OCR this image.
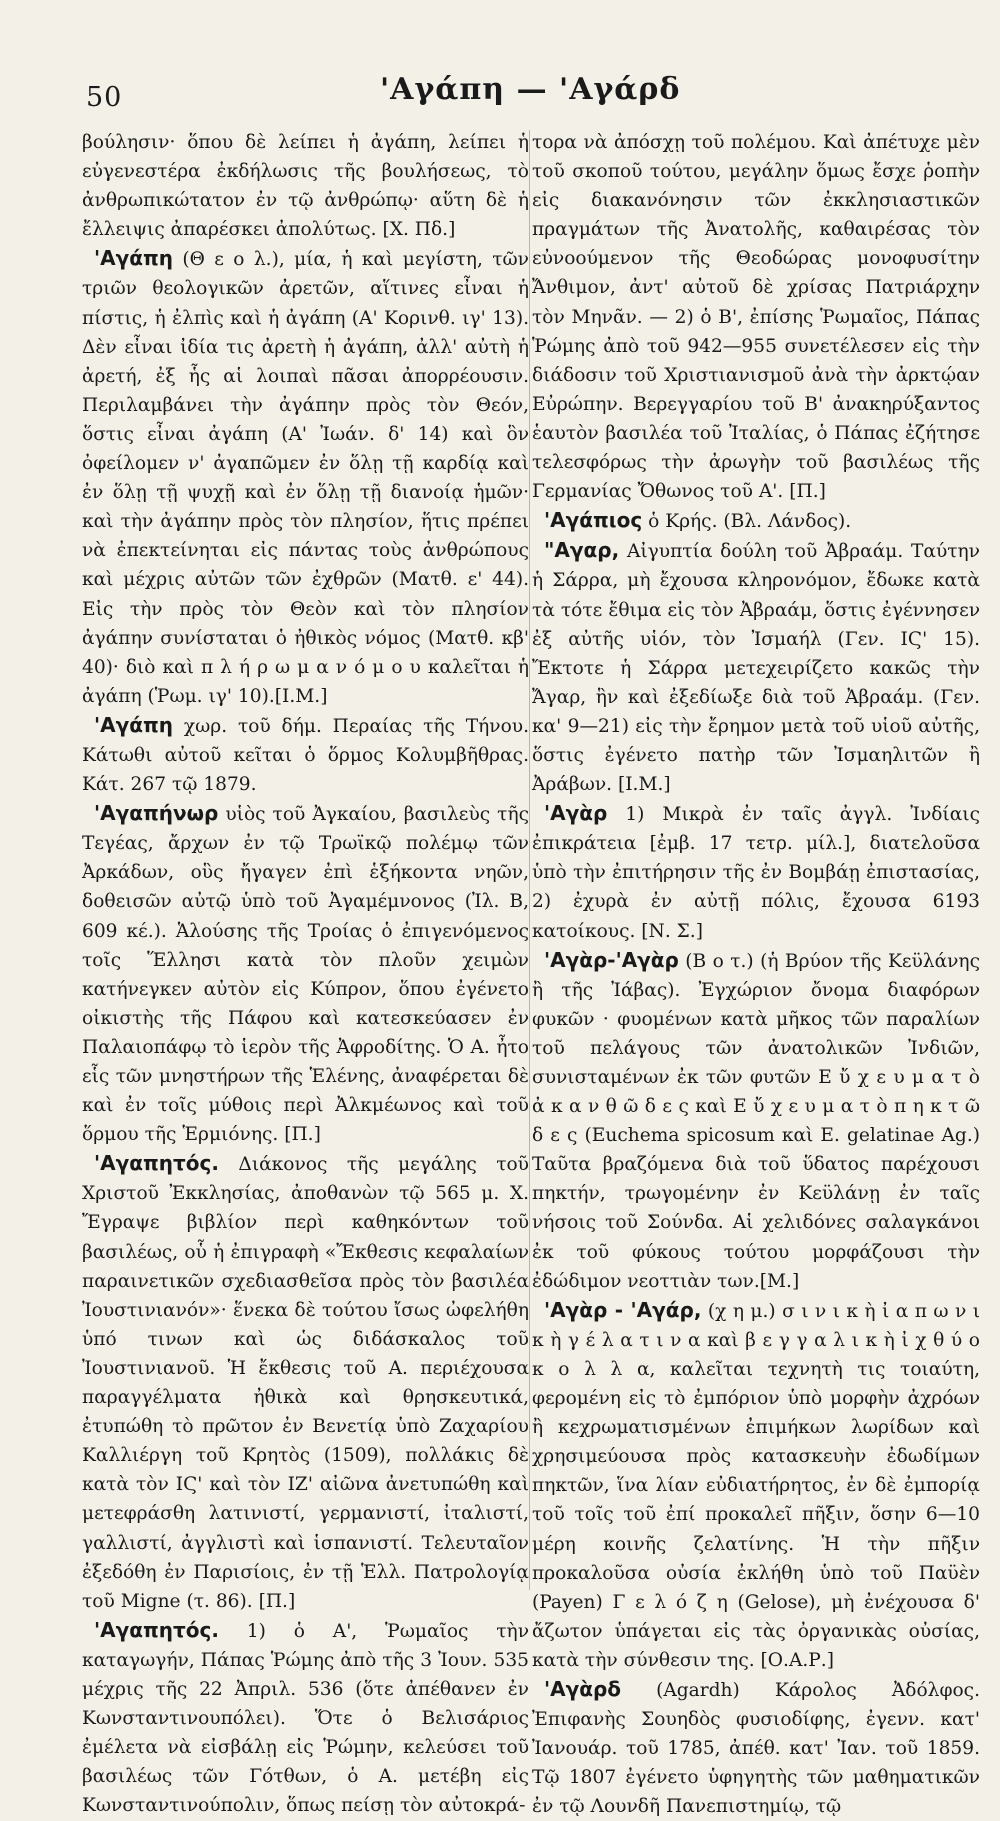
50	'Αγάπη — 'Αγάρδ

βούλησιν· ὅπου δὲ λείπει ἡ ἀγάπη, λείπει ἡ εὐγενεστέρα ἐκδήλωσις τῆς βουλήσεως, τὸ ἀνθρωπικώτατον ἐν τῷ ἀνθρώπῳ· αὕτη δὲ ἡ ἔλλειψις ἀπαρέσκει ἀπολύτως. [Χ. Πδ.]

'Αγάπη (Θ ε ο λ.), μία, ἡ καὶ μεγίστη, τῶν τριῶν θεολογικῶν ἀρετῶν, αἵτινες εἶναι ἡ πίστις, ἡ ἐλπὶς καὶ ἡ ἀγάπη (Α' Κορινθ. ιγ' 13). Δὲν εἶναι ἰδία τις ἀρετὴ ἡ ἀγάπη, ἀλλ' αὐτὴ ἡ ἀρετή, ἐξ ἧς αἱ λοιπαὶ πᾶσαι ἀπορρέουσιν. Περιλαμβάνει τὴν ἀγάπην πρὸς τὸν Θεόν, ὅστις εἶναι ἀγάπη (Α' Ἰωάν. δ' 14) καὶ ὃν ὀφείλομεν ν' ἀγαπῶμεν ἐν ὅλῃ τῇ καρδίᾳ καὶ ἐν ὅλῃ τῇ ψυχῇ καὶ ἐν ὅλῃ τῇ διανοίᾳ ἡμῶν· καὶ τὴν ἀγάπην πρὸς τὸν πλησίον, ἥτις πρέπει νὰ ἐπεκτείνηται εἰς πάντας τοὺς ἀνθρώπους καὶ μέχρις αὐτῶν τῶν ἐχθρῶν (Ματθ. ε' 44). Εἰς τὴν πρὸς τὸν Θεὸν καὶ τὸν πλησίον ἀγάπην συνίσταται ὁ ἠθικὸς νόμος (Ματθ. κβ' 40)· διὸ καὶ π λ ή ρ ω μ α ν ό μ ο υ καλεῖται ἡ ἀγάπη (Ῥωμ. ιγ' 10).[Ι.Μ.]

'Αγάπη χωρ. τοῦ δήμ. Περαίας τῆς Τήνου. Κάτωθι αὐτοῦ κεῖται ὁ ὅρμος Κολυμβῆθρας. Κάτ. 267 τῷ 1879.

'Αγαπήνωρ υἱὸς τοῦ Ἀγκαίου, βασιλεὺς τῆς Τεγέας, ἄρχων ἐν τῷ Τρωϊκῷ πολέμῳ τῶν Ἀρκάδων, οὓς ἤγαγεν ἐπὶ ἑξήκοντα νηῶν, δοθεισῶν αὐτῷ ὑπὸ τοῦ Ἀγαμέμνονος (Ἰλ. Β, 609 κέ.). Ἁλούσης τῆς Τροίας ὁ ἐπιγενόμενος τοῖς Ἕλλησι κατὰ τὸν πλοῦν χειμὼν κατήνεγκεν αὐτὸν εἰς Κύπρον, ὅπου ἐγένετο οἰκιστὴς τῆς Πάφου καὶ κατεσκεύασεν ἐν Παλαιοπάφῳ τὸ ἱερὸν τῆς Ἀφροδίτης. Ὁ Α. ἦτο εἷς τῶν μνηστήρων τῆς Ἑλένης, ἀναφέρεται δὲ καὶ ἐν τοῖς μύθοις περὶ Ἀλκμέωνος καὶ τοῦ ὅρμου τῆς Ἑρμιόνης. [Π.]

'Αγαπητός. Διάκονος τῆς μεγάλης τοῦ Χριστοῦ Ἐκκλησίας, ἀποθανὼν τῷ 565 μ. Χ. Ἔγραψε βιβλίον περὶ καθηκόντων τοῦ βασιλέως, οὗ ἡ ἐπιγραφὴ «Ἔκθεσις κεφαλαίων παραινετικῶν σχεδιασθεῖσα πρὸς τὸν βασιλέα Ἰουστινιανόν»· ἕνεκα δὲ τούτου ἴσως ὠφελήθη ὑπό τινων καὶ ὡς διδάσκαλος τοῦ Ἰουστινιανοῦ. Ἡ ἔκθεσις τοῦ Α. περιέχουσα παραγγέλματα ἠθικὰ καὶ θρησκευτικά, ἐτυπώθη τὸ πρῶτον ἐν Βενετίᾳ ὑπὸ Ζαχαρίου Καλλιέργη τοῦ Κρητὸς (1509), πολλάκις δὲ κατὰ τὸν ΙϚ' καὶ τὸν ΙΖ' αἰῶνα ἀνετυπώθη καὶ μετεφράσθη λατινιστί, γερμανιστί, ἰταλιστί, γαλλιστί, ἀγγλιστὶ καὶ ἱσπανιστί. Τελευταῖον ἐξεδόθη ἐν Παρισίοις, ἐν τῇ Ἑλλ. Πατρολογίᾳ τοῦ Migne (τ. 86). [Π.]

'Αγαπητός. 1) ὁ Α', Ῥωμαῖος τὴν καταγωγήν, Πάπας Ῥώμης ἀπὸ τῆς 3 Ἰουν. 535 μέχρις τῆς 22 Ἀπριλ. 536 (ὅτε ἀπέθανεν ἐν Κωνσταντινουπόλει). Ὅτε ὁ Βελισάριος ἐμέλετα νὰ εἰσβάλῃ εἰς Ῥώμην, κελεύσει τοῦ βασιλέως τῶν Γότθων, ὁ Α. μετέβη εἰς Κωνσταντινούπολιν, ὅπως πείσῃ τὸν αὐτοκρά-

τορα νὰ ἀπόσχῃ τοῦ πολέμου. Καὶ ἀπέτυχε μὲν τοῦ σκοποῦ τούτου, μεγάλην ὅμως ἔσχε ῥοπὴν εἰς διακανόνησιν τῶν ἐκκλησιαστικῶν πραγμάτων τῆς Ἀνατολῆς, καθαιρέσας τὸν εὐνοούμενον τῆς Θεοδώρας μονοφυσίτην Ἄνθιμον, ἀντ' αὐτοῦ δὲ χρίσας Πατριάρχην τὸν Μηνᾶν. — 2) ὁ Β', ἐπίσης Ῥωμαῖος, Πάπας Ῥώμης ἀπὸ τοῦ 942—955 συνετέλεσεν εἰς τὴν διάδοσιν τοῦ Χριστιανισμοῦ ἀνὰ τὴν ἀρκτῴαν Εὐρώπην. Βερεγγαρίου τοῦ Β' ἀνακηρύξαντος ἑαυτὸν βασιλέα τοῦ Ἰταλίας, ὁ Πάπας ἐζήτησε τελεσφόρως τὴν ἀρωγὴν τοῦ βασιλέως τῆς Γερμανίας Ὄθωνος τοῦ Α'. [Π.]

'Αγάπιος ὁ Κρής. (Βλ. Λάνδος).

"Αγαρ, Αἰγυπτία δούλη τοῦ Ἀβραάμ. Ταύτην ἡ Σάρρα, μὴ ἔχουσα κληρονόμον, ἔδωκε κατὰ τὰ τότε ἔθιμα εἰς τὸν Ἀβραάμ, ὅστις ἐγέννησεν ἐξ αὐτῆς υἱόν, τὸν Ἰσμαήλ (Γεν. ΙϚ' 15). Ἔκτοτε ἡ Σάρρα μετεχειρίζετο κακῶς τὴν Ἄγαρ, ἣν καὶ ἐξεδίωξε διὰ τοῦ Ἀβραάμ. (Γεν. κα' 9—21) εἰς τὴν ἔρημον μετὰ τοῦ υἱοῦ αὐτῆς, ὅστις ἐγένετο πατὴρ τῶν Ἰσμαηλιτῶν ἢ Ἀράβων. [Ι.Μ.]

'Αγὰρ 1) Μικρὰ ἐν ταῖς ἀγγλ. Ἰνδίαις ἐπικράτεια [ἐμβ. 17 τετρ. μίλ.], διατελοῦσα ὑπὸ τὴν ἐπιτήρησιν τῆς ἐν Βομβάῃ ἐπιστασίας, 2) ἐχυρὰ ἐν αὐτῇ πόλις, ἔχουσα 6193 κατοίκους. [Ν. Σ.]

'Αγὰρ-'Αγὰρ (Β ο τ.) (ἡ Βρύον τῆς Κεϋλάνης ἢ τῆς Ἰάβας). Ἐγχώριον ὄνομα διαφόρων φυκῶν · φυομένων κατὰ μῆκος τῶν παραλίων τοῦ πελάγους τῶν ἀνατολικῶν Ἰνδιῶν, συνισταμένων ἐκ τῶν φυτῶν Ε ὔ χ ε υ μ α τ ὸ ἀ κ α ν θ ῶ δ ε ς καὶ Ε ὔ χ ε υ μ α τ ὸ π η κ τ ῶ δ ε ς (Euchema spicosum καὶ E. gelatinae Ag.) Ταῦτα βραζόμενα διὰ τοῦ ὕδατος παρέχουσι πηκτήν, τρωγομένην ἐν Κεϋλάνῃ ἐν ταῖς νήσοις τοῦ Σούνδα. Αἱ χελιδόνες σαλαγκάνοι ἐκ τοῦ φύκους τούτου μορφάζουσι τὴν ἐδώδιμον νεοττιὰν των.[Μ.]

'Αγὰρ - 'Αγάρ, (χ η μ.) σ ι ν ι κ ὴ ἰ α π ω ν ι κ ὴ γ έ λ α τ ι ν α καὶ β ε γ γ α λ ι κ ὴ ἰ χ θ ύ ο κ ο λ λ α, καλεῖται τεχνητὴ τις τοιαύτη, φερομένη εἰς τὸ ἐμπόριον ὑπὸ μορφὴν ἀχρόων ἢ κεχρωματισμένων ἐπιμήκων λωρίδων καὶ χρησιμεύουσα πρὸς κατασκευὴν ἐδωδίμων πηκτῶν, ἵνα λίαν εὐδιατήρητος, ἐν δὲ ἐμπορίᾳ τοῦ τοῖς τοῦ ἐπί προκαλεῖ πῆξιν, ὅσην 6—10 μέρη κοινῆς ζελατίνης. Ἡ τὴν πῆξιν προκαλοῦσα οὐσία ἐκλήθη ὑπὸ τοῦ Παϋὲν (Payen) Γ ε λ ό ζ η (Gelose), μὴ ἐνέχουσα δ' ἄζωτον ὑπάγεται εἰς τὰς ὀργανικὰς οὐσίας, κατὰ τὴν σύνθεσιν της. [Ο.Α.Ρ.]

'Αγὰρδ (Agardh) Κάρολος Ἀδόλφος. Ἐπιφανὴς Σουηδὸς φυσιοδίφης, ἐγενν. κατ' Ἰανουάρ. τοῦ 1785, ἀπέθ. κατ' Ἰαν. τοῦ 1859. Τῷ 1807 ἐγένετο ὑφηγητὴς τῶν μαθηματικῶν ἐν τῷ Λουνδῆ Πανεπιστημίῳ, τῷ
